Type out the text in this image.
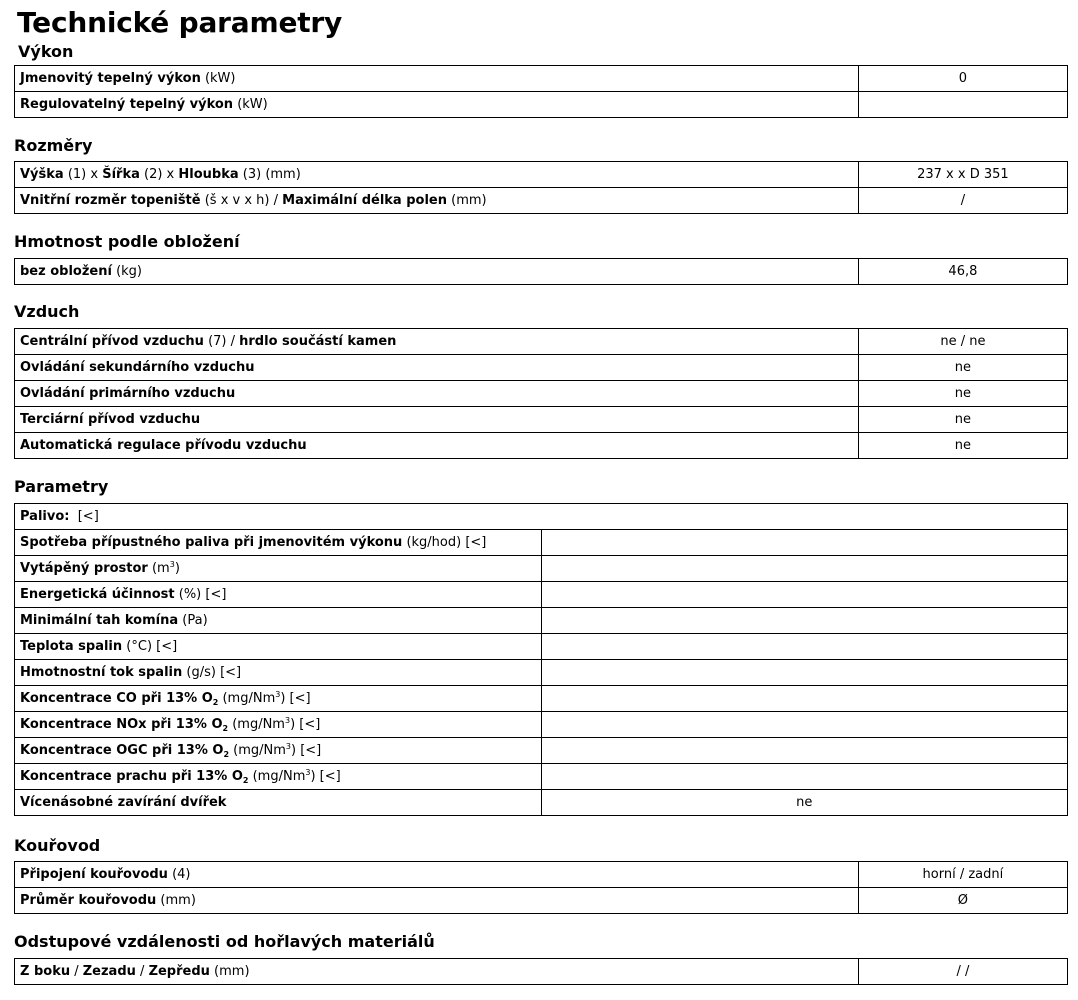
Technické parametry
Výkon
Jmenovitý tepelný výkon (kW)	0
Regulovatelný tepelný výkon (kW)	
Rozměry
Výška (1) x Šířka (2) x Hloubka (3) (mm)	237 x x D 351
Vnitřní rozměr topeniště (š x v x h) / Maximální délka polen (mm)	/
Hmotnost podle obložení
bez obložení (kg)	46,8
Vzduch
Centrální přívod vzduchu (7) / hrdlo součástí kamen	ne / ne
Ovládání sekundárního vzduchu	ne
Ovládání primárního vzduchu	ne
Terciární přívod vzduchu	ne
Automatická regulace přívodu vzduchu	ne
Parametry
Palivo:  [<]	
Spotřeba přípustného paliva při jmenovitém výkonu (kg/hod) [<]	
Vytápěný prostor $(m^3)$	
Energetická účinnost (%) [<]	
Minimální tah komína (Pa)	
Teplota spalin (°C) [<]	
Hmotnostní tok spalin (g/s) [<]	
Koncentrace CO při 13% $O_2$ (mg/Nm$^3$) [<]	
Koncentrace NOx při 13% $O_2$ (mg/Nm$^3$) [<]	
Koncentrace OGC při 13% $O_2$ (mg/Nm$^3$) [<]	
Koncentrace prachu při 13% $O_2$ (mg/Nm$^3$) [<]	
Vícenásobné zavírání dvířek	ne
Kouřovod
Připojení kouřovodu (4)	horní / zadní
Průměr kouřovodu (mm)	Ø
Odstupové vzdálenosti od hořlavých materiálů
Z boku / Zezadu / Zepředu (mm)	/ /
